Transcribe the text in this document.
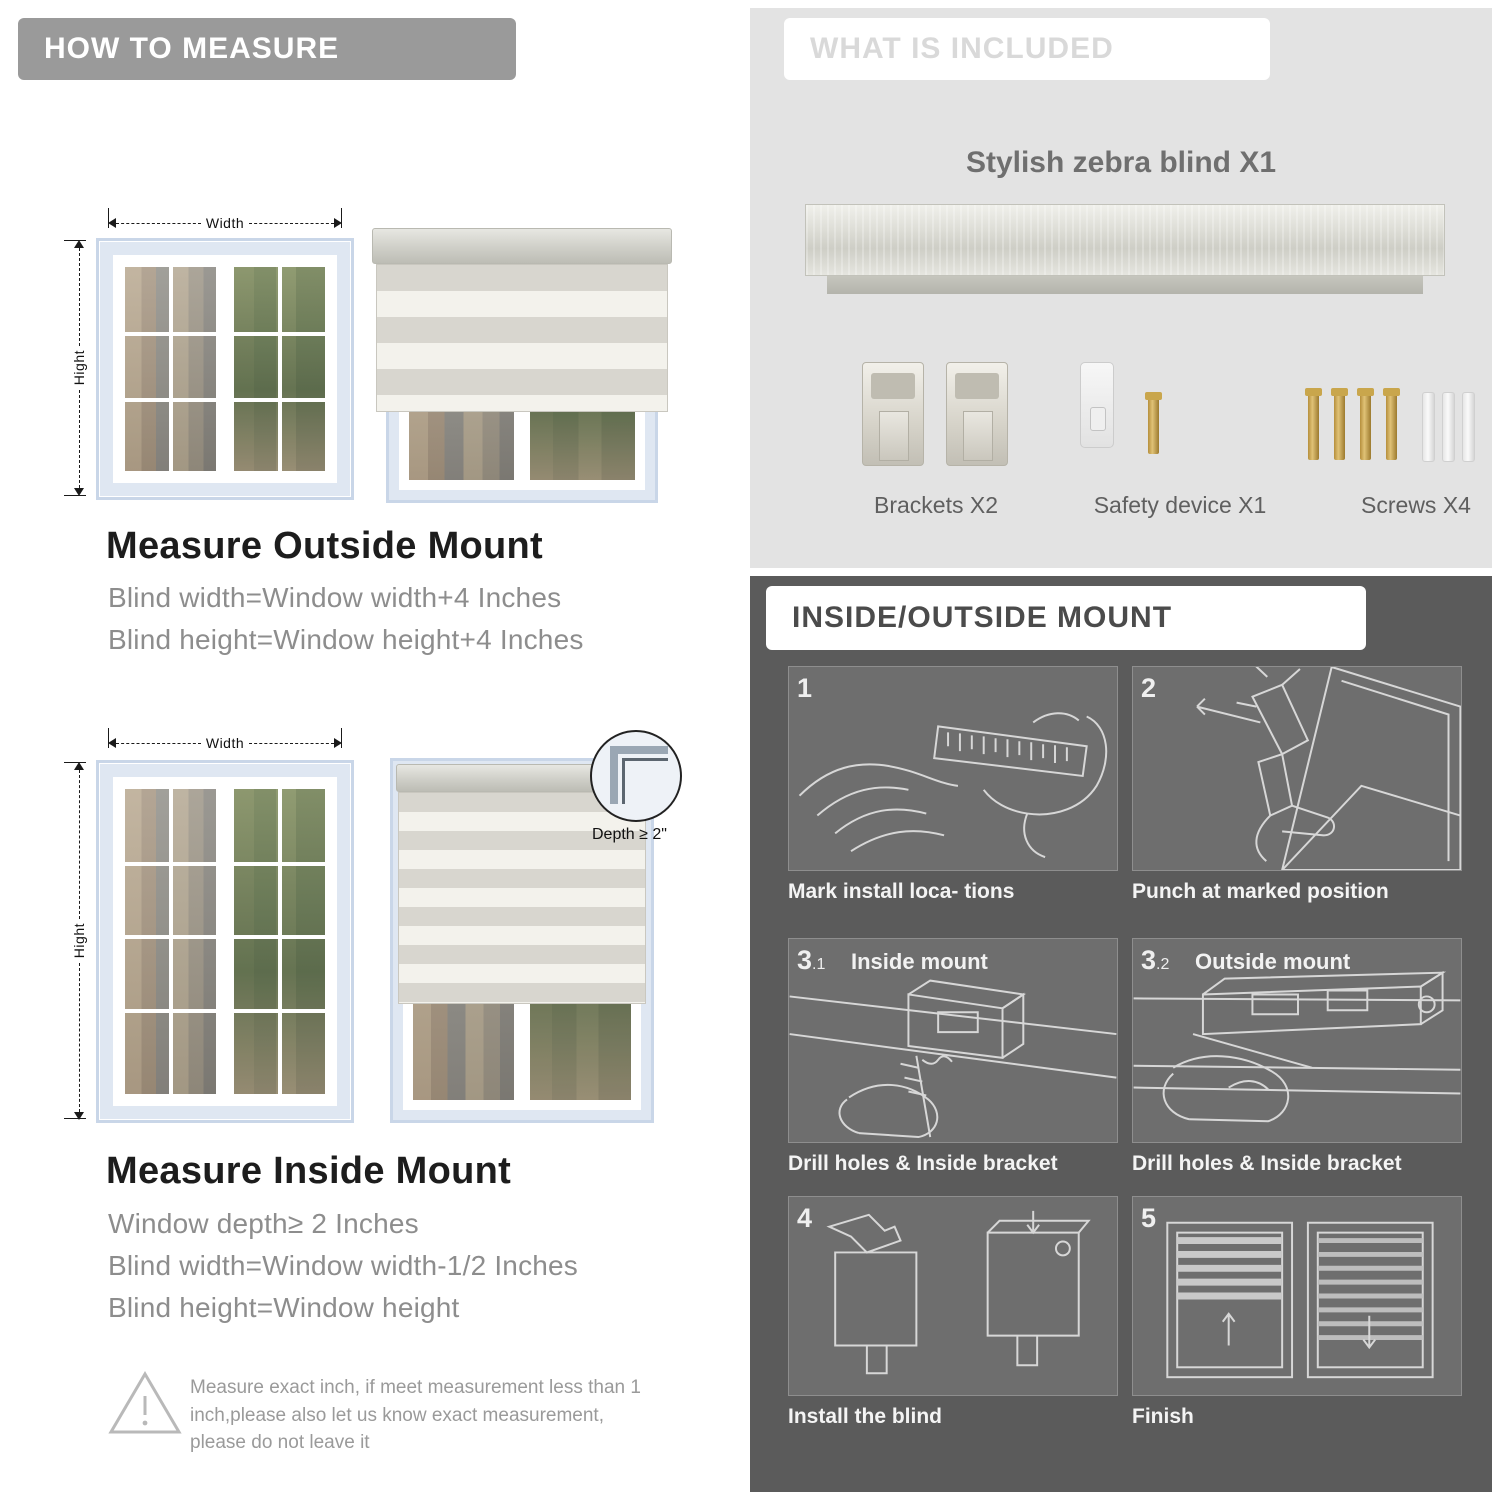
HOW TO MEASURE
Width
Hight
Measure Outside Mount
Blind width=Window width+4 Inches
Blind height=Window height+4 Inches
Width
Hight
Depth ≥ 2"
Measure Inside Mount
Window depth≥ 2 Inches
Blind width=Window width-1/2 Inches
Blind height=Window height
Measure exact inch, if meet measurement less than 1 inch,please also let us know exact measurement, please do not leave it
Stylish zebra blind X1
Brackets X2	Safety device X1	Screws X4
WHAT IS INCLUDED
1
Mark install loca- tions
2
Punch at marked position
3.1 Inside mount
Drill holes & Inside bracket
3.2 Outside mount
Drill holes & Inside bracket
4
Install the blind
5
Finish
INSIDE/OUTSIDE MOUNT
